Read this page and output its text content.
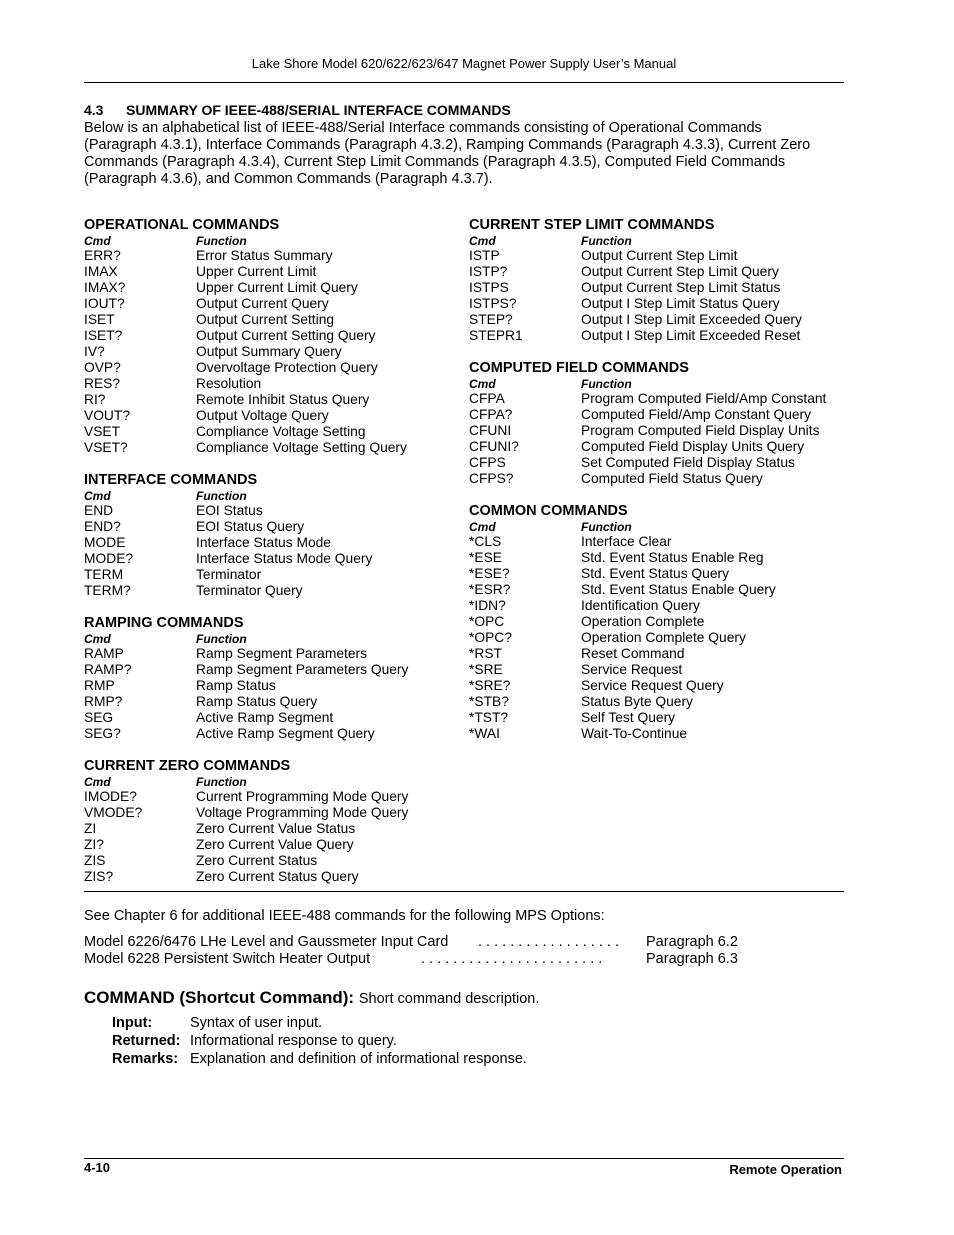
Lake Shore Model 620/622/623/647 Magnet Power Supply User’s Manual
4.3 SUMMARY OF IEEE-488/SERIAL INTERFACE COMMANDS
Below is an alphabetical list of IEEE-488/Serial Interface commands consisting of Operational Commands (Paragraph 4.3.1), Interface Commands (Paragraph 4.3.2), Ramping Commands (Paragraph 4.3.3), Current Zero Commands (Paragraph 4.3.4), Current Step Limit Commands (Paragraph 4.3.5), Computed Field Commands (Paragraph 4.3.6), and Common Commands (Paragraph 4.3.7).
OPERATIONAL COMMANDS
Cmd	Function
ERR?	Error Status Summary
IMAX	Upper Current Limit
IMAX?	Upper Current Limit Query
IOUT?	Output Current Query
ISET	Output Current Setting
ISET?	Output Current Setting Query
IV?	Output Summary Query
OVP?	Overvoltage Protection Query
RES?	Resolution
RI?	Remote Inhibit Status Query
VOUT?	Output Voltage Query
VSET	Compliance Voltage Setting
VSET?	Compliance Voltage Setting Query
INTERFACE COMMANDS
Cmd	Function
END	EOI Status
END?	EOI Status Query
MODE	Interface Status Mode
MODE?	Interface Status Mode Query
TERM	Terminator
TERM?	Terminator Query
RAMPING COMMANDS
Cmd	Function
RAMP	Ramp Segment Parameters
RAMP?	Ramp Segment Parameters Query
RMP	Ramp Status
RMP?	Ramp Status Query
SEG	Active Ramp Segment
SEG?	Active Ramp Segment Query
CURRENT ZERO COMMANDS
Cmd	Function
IMODE?	Current Programming Mode Query
VMODE?	Voltage Programming Mode Query
ZI	Zero Current Value Status
ZI?	Zero Current Value Query
ZIS	Zero Current Status
ZIS?	Zero Current Status Query
CURRENT STEP LIMIT COMMANDS
Cmd	Function
ISTP	Output Current Step Limit
ISTP?	Output Current Step Limit Query
ISTPS	Output Current Step Limit Status
ISTPS?	Output I Step Limit Status Query
STEP?	Output I Step Limit Exceeded Query
STEPR1	Output I Step Limit Exceeded Reset
COMPUTED FIELD COMMANDS
Cmd	Function
CFPA	Program Computed Field/Amp Constant
CFPA?	Computed Field/Amp Constant Query
CFUNI	Program Computed Field Display Units
CFUNI?	Computed Field Display Units Query
CFPS	Set Computed Field Display Status
CFPS?	Computed Field Status Query
COMMON COMMANDS
Cmd	Function
*CLS	Interface Clear
*ESE	Std. Event Status Enable Reg
*ESE?	Std. Event Status Query
*ESR?	Std. Event Status Enable Query
*IDN?	Identification Query
*OPC	Operation Complete
*OPC?	Operation Complete Query
*RST	Reset Command
*SRE	Service Request
*SRE?	Service Request Query
*STB?	Status Byte Query
*TST?	Self Test Query
*WAI	Wait-To-Continue
See Chapter 6 for additional IEEE-488 commands for the following MPS Options:
Model 6226/6476 LHe Level and Gaussmeter Input Card . . . . . . . . . . . . . . . . . . Paragraph 6.2
Model 6228 Persistent Switch Heater Output	. . . . . . . . . . . . . . . . . . . . . . .	Paragraph 6.3
COMMAND (Shortcut Command): Short command description.
Input:	Syntax of user input.
Returned: Informational response to query.
Remarks: Explanation and definition of informational response.
4-10	Remote Operation
